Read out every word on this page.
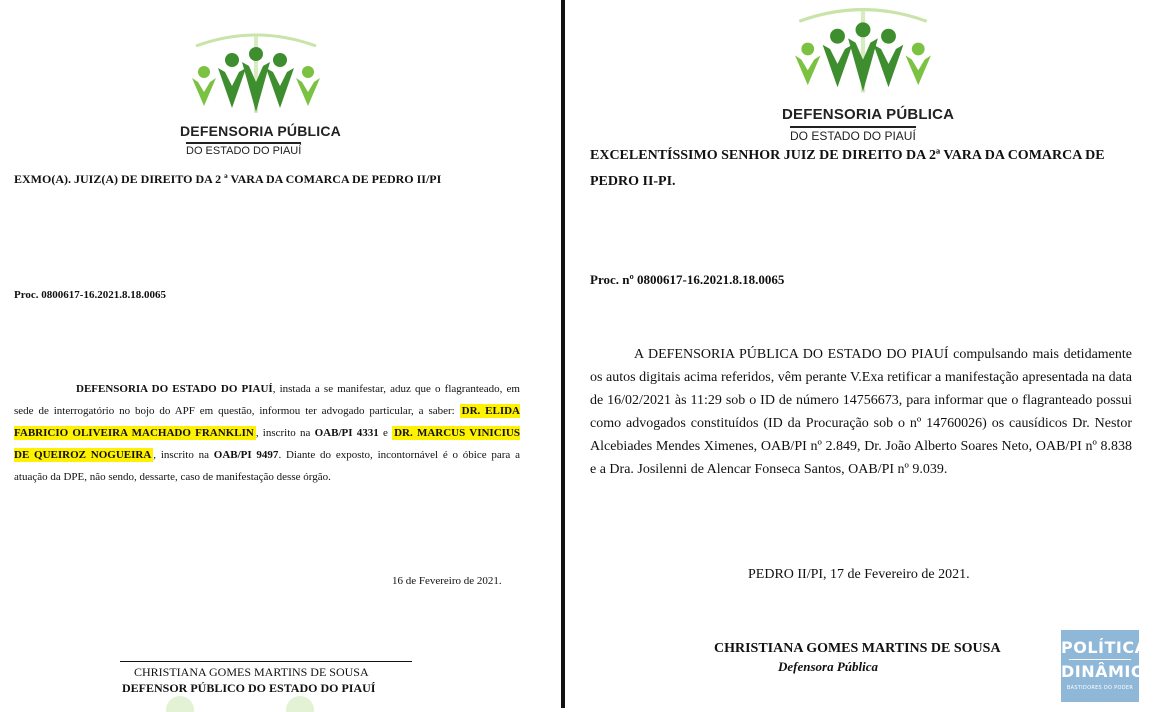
DEFENSORIA PÚBLICA
DO ESTADO DO PIAUÍ
EXMO(A). JUIZ(A) DE DIREITO DA 2 ª VARA DA COMARCA DE PEDRO II/PI
Proc. 0800617-16.2021.8.18.0065
DEFENSORIA DO ESTADO DO PIAUÍ, instada a se manifestar, aduz que o flagranteado, em sede de interrogatório no bojo do APF em questão, informou ter advogado particular, a saber: DR. ELIDA FABRICIO OLIVEIRA MACHADO FRANKLIN , inscrito na OAB/PI 4331 e DR. MARCUS VINICIUS DE QUEIROZ NOGUEIRA , inscrito na OAB/PI 9497. Diante do exposto, incontornável é o óbice para a atuação da DPE, não sendo, dessarte, caso de manifestação desse órgão.
16 de Fevereiro de 2021.
CHRISTIANA GOMES MARTINS DE SOUSA
DEFENSOR PÚBLICO DO ESTADO DO PIAUÍ
DEFENSORIA PÚBLICA
DO ESTADO DO PIAUÍ
EXCELENTÍSSIMO SENHOR JUIZ DE DIREITO DA 2ª VARA DA COMARCA DE
PEDRO II-PI.
Proc. nº 0800617-16.2021.8.18.0065
A DEFENSORIA PÚBLICA DO ESTADO DO PIAUÍ compulsando mais detidamente os autos digitais acima referidos, vêm perante V.Exa retificar a manifestação apresentada na data de 16/02/2021 às 11:29 sob o ID de número 14756673, para informar que o flagranteado possui como advogados constituídos (ID da Procuração sob o nº 14760026) os causídicos Dr. Nestor Alcebiades Mendes Ximenes, OAB/PI nº 2.849, Dr. João Alberto Soares Neto, OAB/PI nº 8.838 e a Dra. Josilenni de Alencar Fonseca Santos, OAB/PI nº 9.039.
PEDRO II/PI, 17 de Fevereiro de 2021.
CHRISTIANA GOMES MARTINS DE SOUSA
Defensora Pública
POLÍTICA
DINÂMICA
BASTIDORES DO PODER
